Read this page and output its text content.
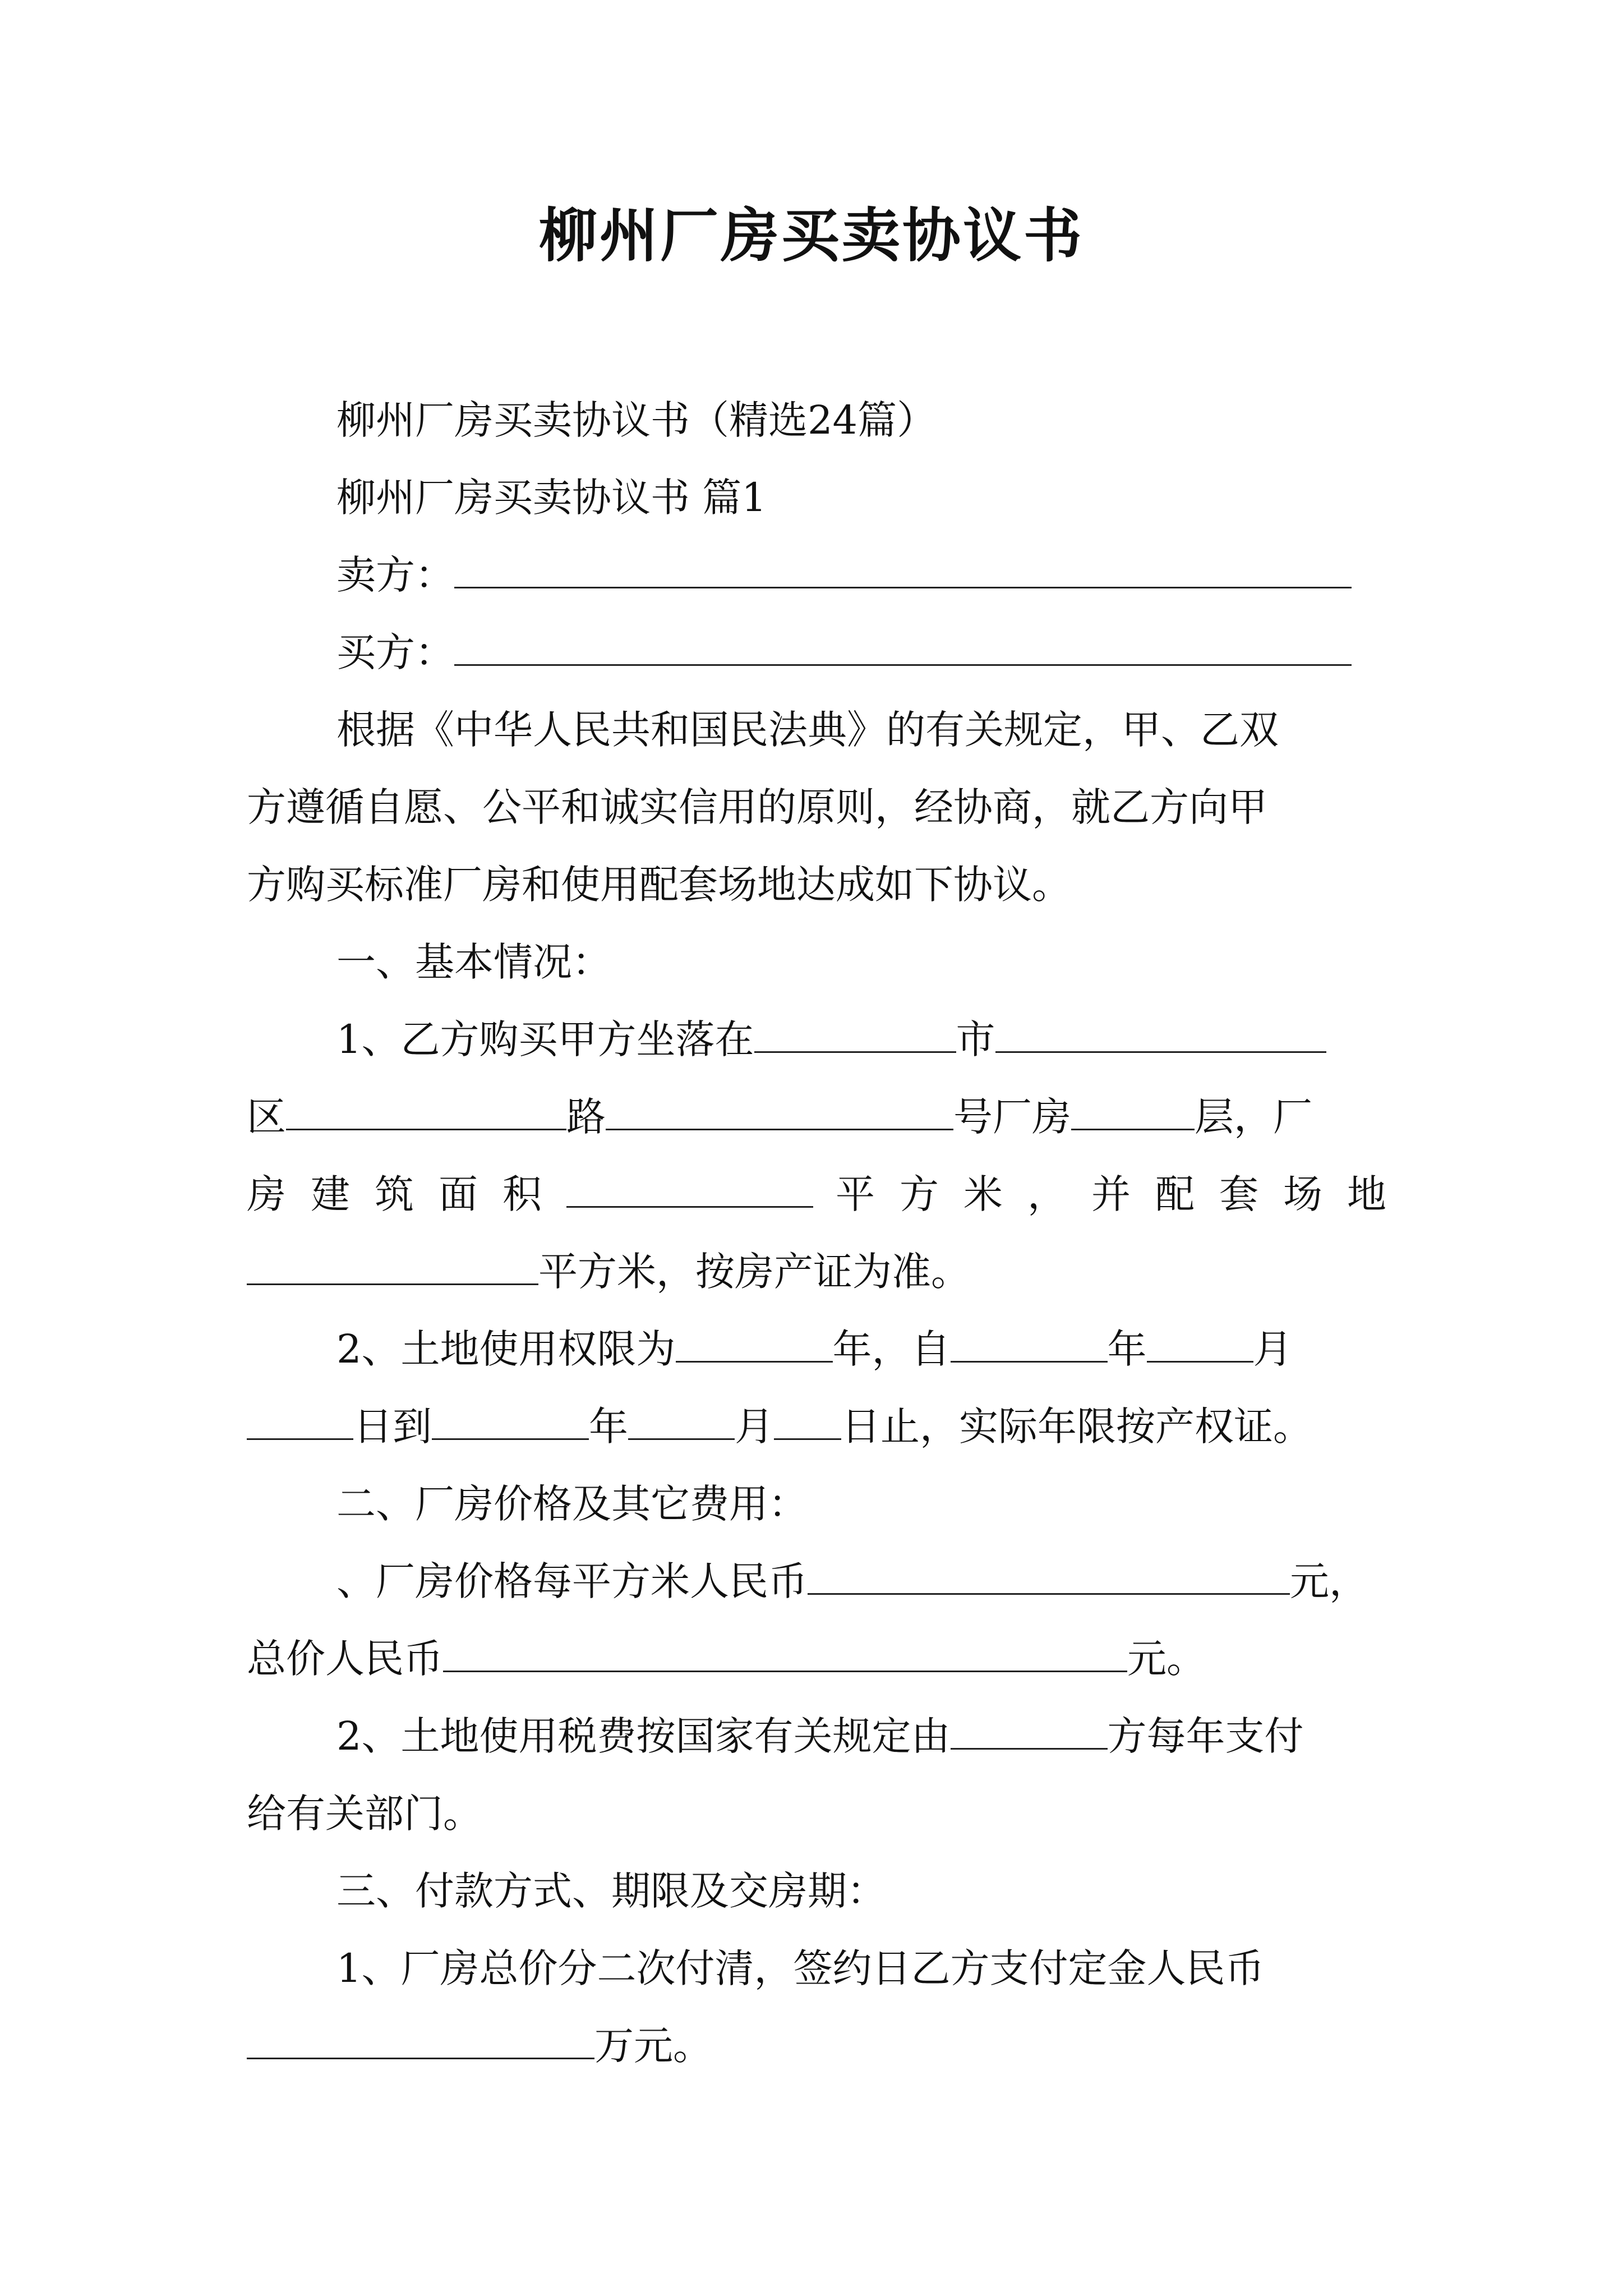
柳州厂房买卖协议书

柳州厂房买卖协议书（精选24篇）

柳州厂房买卖协议书 篇1

卖方：

买方：

根据《中华人民共和国民法典》的有关规定，甲、乙双

方遵循自愿、公平和诚实信用的原则，经协商，就乙方向甲

方购买标准厂房和使用配套场地达成如下协议。

一、基本情况：

1、乙方购买甲方坐落在	市

区	路	号厂房	层，厂

房建筑面积	平方米，并配套场地

平方米，按房产证为准。

2、土地使用权限为	年，自	年	月

日到	年	月 日止，实际年限按产权证。

二、厂房价格及其它费用：

、厂房价格每平方米人民币	元，

总价人民币	元。

2、土地使用税费按国家有关规定由	方每年支付

给有关部门。

三、付款方式、期限及交房期：

1、厂房总价分二次付清，签约日乙方支付定金人民币

万元。
